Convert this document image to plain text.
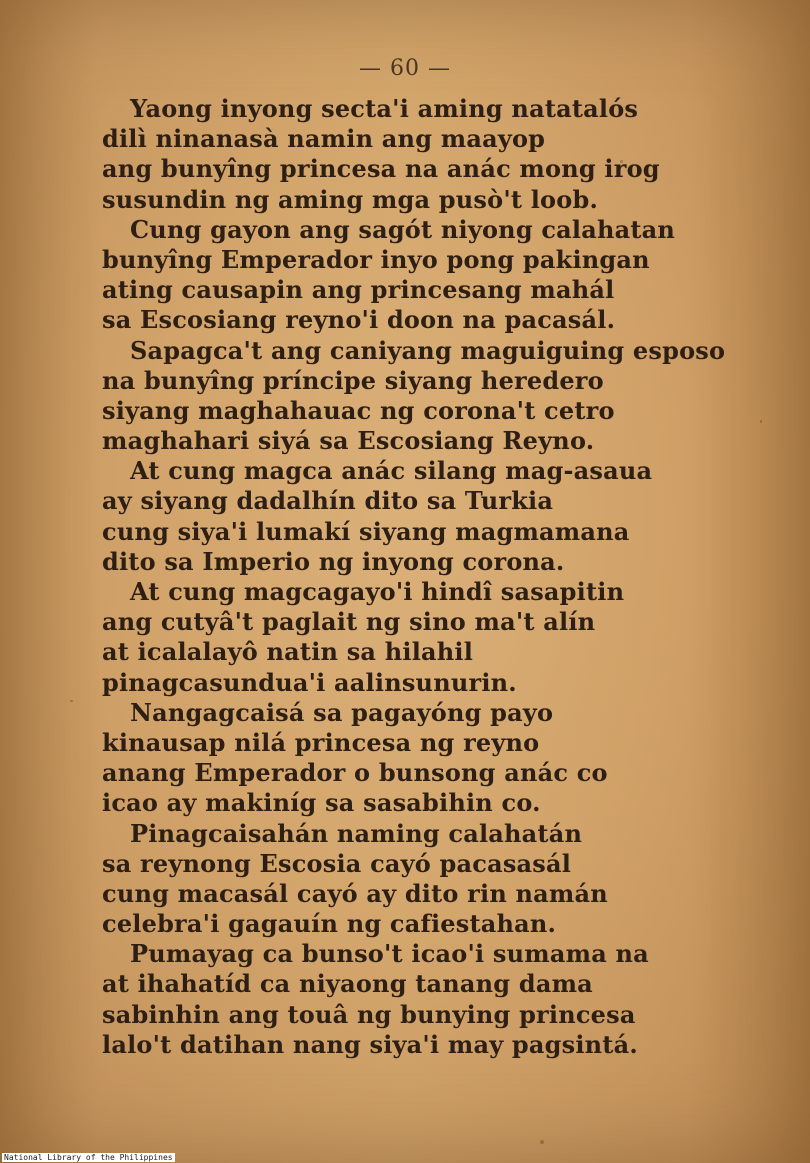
— 60 —
Yaong inyong secta'i aming natatalós
dilì ninanasà namin ang maayop
ang bunyîng princesa na anác mong irog
susundin ng aming mga pusò't loob.
Cung gayon ang sagót niyong calahatan
bunyîng Emperador inyo pong pakingan
ating causapin ang princesang mahál
sa Escosiang reyno'i doon na pacasál.
Sapagca't ang caniyang maguiguing esposo
na bunyîng príncipe siyang heredero
siyang maghahauac ng corona't cetro
maghahari siyá sa Escosiang Reyno.
At cung magca anác silang mag-asaua
ay siyang dadalhín dito sa Turkia
cung siya'i lumakí siyang magmamana
dito sa Imperio ng inyong corona.
At cung magcagayo'i hindî sasapitin
ang cutyâ't paglait ng sino ma't alín
at icalalayô natin sa hilahil
pinagcasundua'i aalinsunurin.
Nangagcaisá sa pagayóng payo
kinausap nilá princesa ng reyno
anang Emperador o bunsong anác co
icao ay makiníg sa sasabihin co.
Pinagcaisahán naming calahatán
sa reynong Escosia cayó pacasasál
cung macasál cayó ay dito rin namán
celebra'i gagauín ng cafiestahan.
Pumayag ca bunso't icao'i sumama na
at ihahatíd ca niyaong tanang dama
sabinhin ang touâ ng bunying princesa
lalo't datihan nang siya'i may pagsintá.
National Library of the Philippines
